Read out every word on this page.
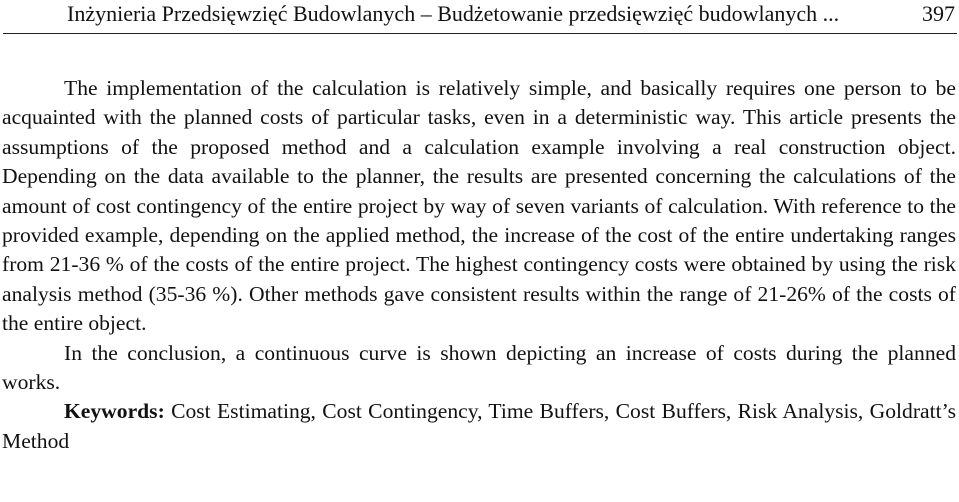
Inżynieria Przedsięwzięć Budowlanych – Budżetowanie przedsięwzięć budowlanych ...	397

The implementation of the calculation is relatively simple, and basically requires one person to be acquainted with the planned costs of particular tasks, even in a deterministic way. This article presents the assumptions of the proposed method and a calculation example involving a real construction object. Depending on the data available to the planner, the results are presented concerning the calculations of the amount of cost contingency of the entire project by way of seven variants of calculation. With reference to the provided example, depending on the applied method, the increase of the cost of the entire undertaking ranges from 21-36 % of the costs of the entire project. The highest contingency costs were obtained by using the risk analysis method (35-36 %). Other methods gave consistent results within the range of 21-26% of the costs of the entire object.

In the conclusion, a continuous curve is shown depicting an increase of costs during the planned works.

Keywords: Cost Estimating, Cost Contingency, Time Buffers, Cost Buffers, Risk Analysis, Goldratt’s Method
